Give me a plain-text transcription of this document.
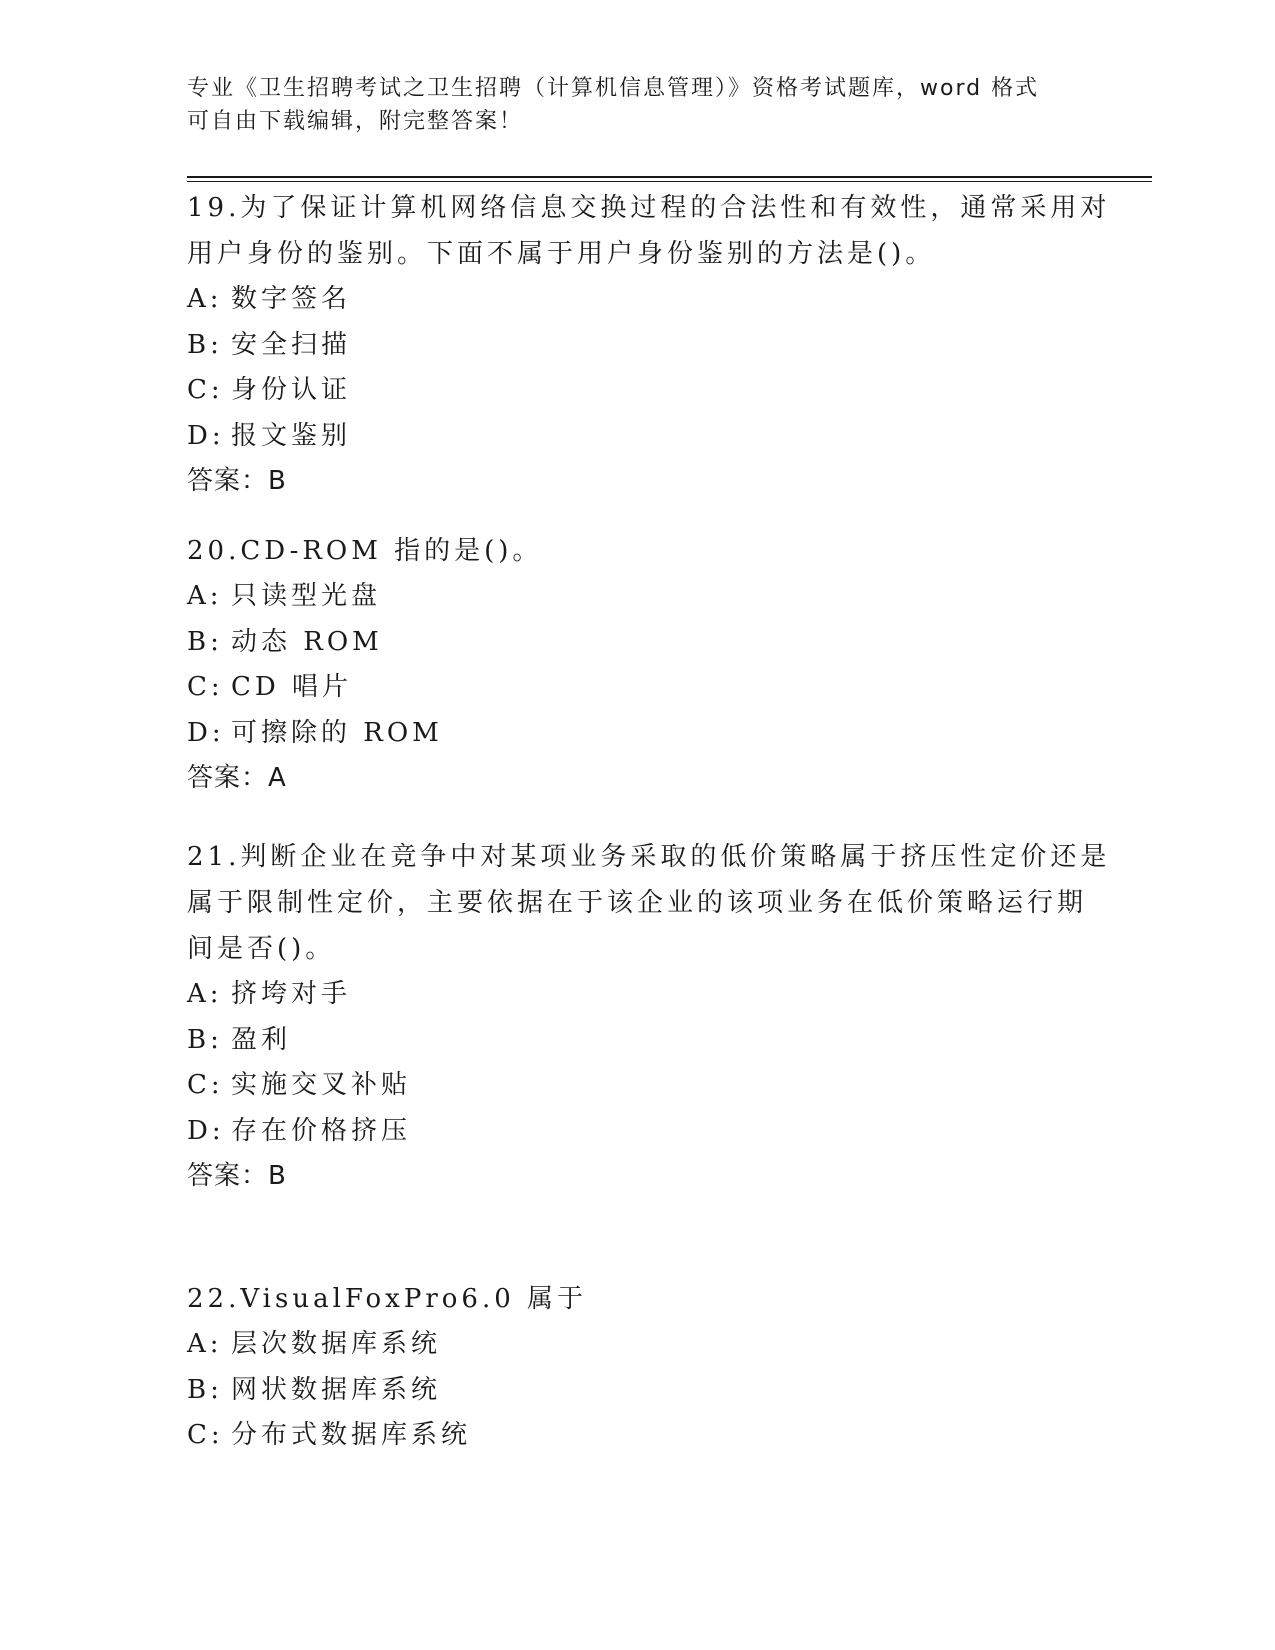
专业《卫生招聘考试之卫生招聘（计算机信息管理）》资格考试题库，word 格式
可自由下载编辑，附完整答案！
19.为了保证计算机网络信息交换过程的合法性和有效性，通常采用对
用户身份的鉴别。下面不属于用户身份鉴别的方法是()。
A: 数字签名
B: 安全扫描
C: 身份认证
D: 报文鉴别
答案：B
20.CD-ROM 指的是()。
A: 只读型光盘
B: 动态 ROM
C: CD 唱片
D: 可擦除的 ROM
答案：A
21.判断企业在竞争中对某项业务采取的低价策略属于挤压性定价还是
属于限制性定价，主要依据在于该企业的该项业务在低价策略运行期
间是否()。
A: 挤垮对手
B: 盈利
C: 实施交叉补贴
D: 存在价格挤压
答案：B
22.VisualFoxPro6.0 属于
A: 层次数据库系统
B: 网状数据库系统
C: 分布式数据库系统
